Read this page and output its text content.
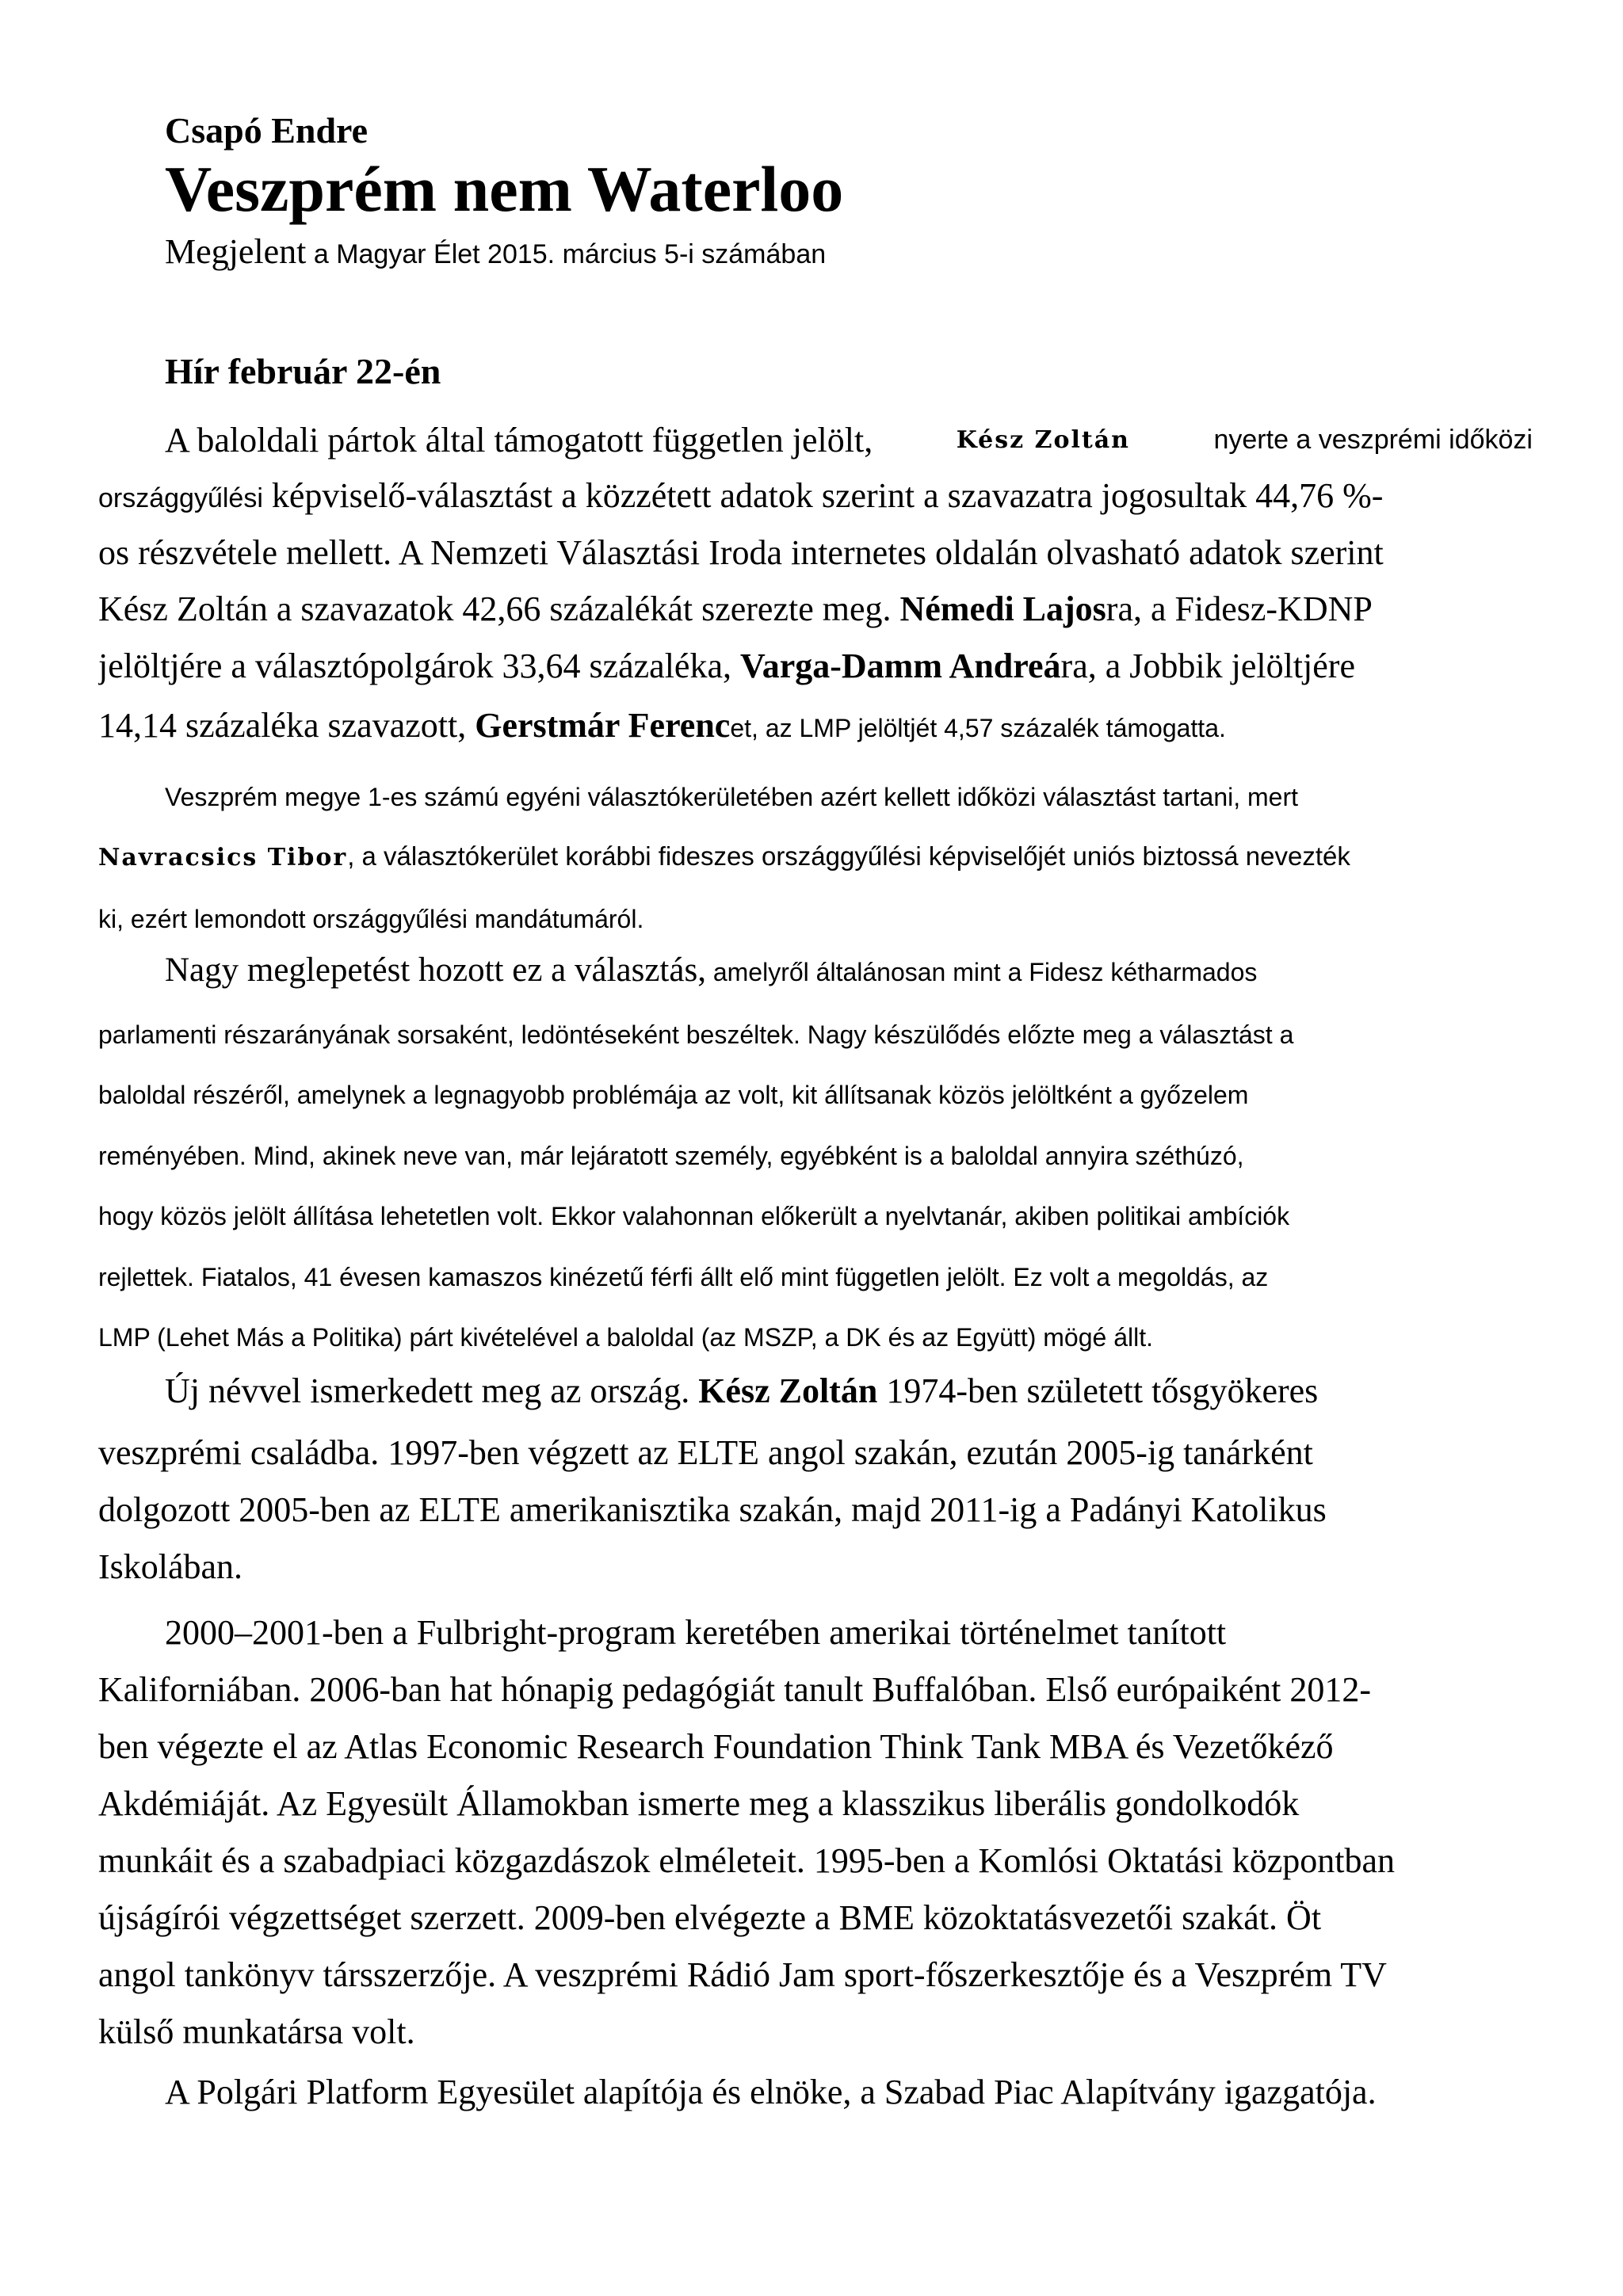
Csapó Endre
Veszprém nem Waterloo
Megjelent a Magyar Élet 2015. március 5-i számában
Hír február 22-én
A baloldali pártok által támogatott független jelölt,	Kész Zoltán	nyerte a veszprémi időközi
országgyűlési képviselő-választást a közzétett adatok szerint a szavazatra jogosultak 44,76 %-
os részvétele mellett. A Nemzeti Választási Iroda internetes oldalán olvasható adatok szerint
Kész Zoltán a szavazatok 42,66 százalékát szerezte meg. Némedi Lajosra, a Fidesz-KDNP
jelöltjére a választópolgárok 33,64 százaléka, Varga-Damm Andreára, a Jobbik jelöltjére
14,14 százaléka szavazott, Gerstmár Ferencet, az LMP jelöltjét 4,57 százalék támogatta.
Veszprém megye 1-es számú egyéni választókerületében azért kellett időközi választást tartani, mert
Navracsics Tibor, a választókerület korábbi fideszes országgyűlési képviselőjét uniós biztossá nevezték
ki, ezért lemondott országgyűlési mandátumáról.
Nagy meglepetést hozott ez a választás, amelyről általánosan mint a Fidesz kétharmados
parlamenti részarányának sorsaként, ledöntéseként beszéltek. Nagy készülődés előzte meg a választást a
baloldal részéről, amelynek a legnagyobb problémája az volt, kit állítsanak közös jelöltként a győzelem
reményében. Mind, akinek neve van, már lejáratott személy, egyébként is a baloldal annyira széthúzó,
hogy közös jelölt állítása lehetetlen volt. Ekkor valahonnan előkerült a nyelvtanár, akiben politikai ambíciók
rejlettek. Fiatalos, 41 évesen kamaszos kinézetű férfi állt elő mint független jelölt. Ez volt a megoldás, az
LMP (Lehet Más a Politika) párt kivételével a baloldal (az MSZP, a DK és az Együtt) mögé állt.
Új névvel ismerkedett meg az ország. Kész Zoltán 1974-ben született tősgyökeres
veszprémi családba. 1997-ben végzett az ELTE angol szakán, ezután 2005-ig tanárként
dolgozott 2005-ben az ELTE amerikanisztika szakán, majd 2011-ig a Padányi Katolikus
Iskolában.
2000–2001-ben a Fulbright-program keretében amerikai történelmet tanított
Kaliforniában. 2006-ban hat hónapig pedagógiát tanult Buffalóban. Első európaiként 2012-
ben végezte el az Atlas Economic Research Foundation Think Tank MBA és Vezetőkéző
Akdémiáját. Az Egyesült Államokban ismerte meg a klasszikus liberális gondolkodók
munkáit és a szabadpiaci közgazdászok elméleteit. 1995-ben a Komlósi Oktatási központban
újságírói végzettséget szerzett. 2009-ben elvégezte a BME közoktatásvezetői szakát. Öt
angol tankönyv társszerzője. A veszprémi Rádió Jam sport-főszerkesztője és a Veszprém TV
külső munkatársa volt.
A Polgári Platform Egyesület alapítója és elnöke, a Szabad Piac Alapítvány igazgatója.
